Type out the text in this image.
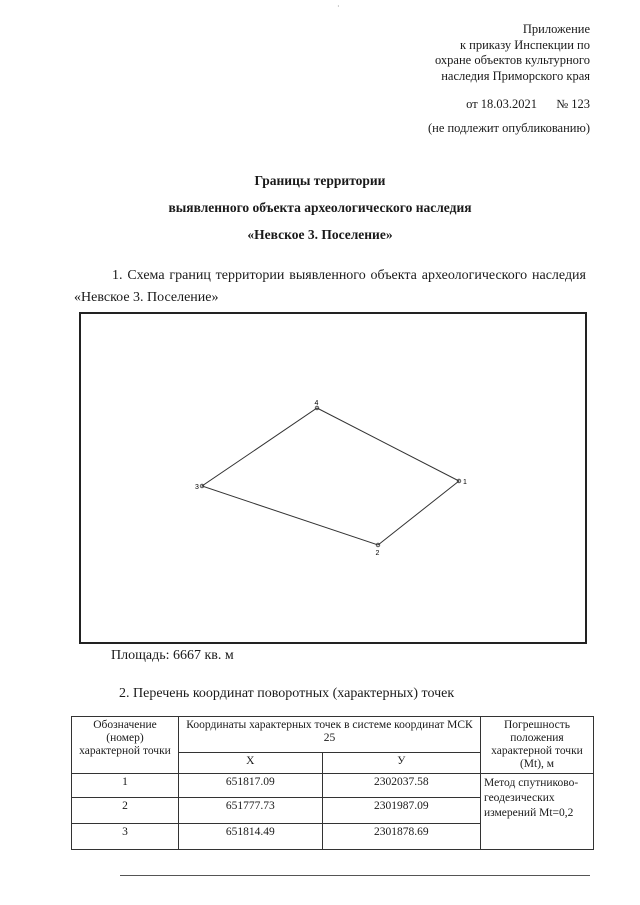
·
Приложение
к приказу Инспекции по
охране объектов культурного
наследия Приморского края
от 18.03.2021 № 123
(не подлежит опубликованию)
Границы территории
выявленного объекта археологического наследия
«Невское 3. Поселение»
1. Схема границ территории выявленного объекта археологического наследия «Невское 3. Поселение»
1
2
3
4
Площадь: 6667 кв. м
2. Перечень координат поворотных (характерных) точек
Обозначение (номер) характерной точки	Координаты характерных точек в системе координат МСК 25		Погрешность положения характерной точки (Mt), м
	X	У	
1	651817.09	2302037.58	Метод спутниково-геодезических измерений Mt=0,2
2	651777.73	2301987.09	
3	651814.49	2301878.69	
